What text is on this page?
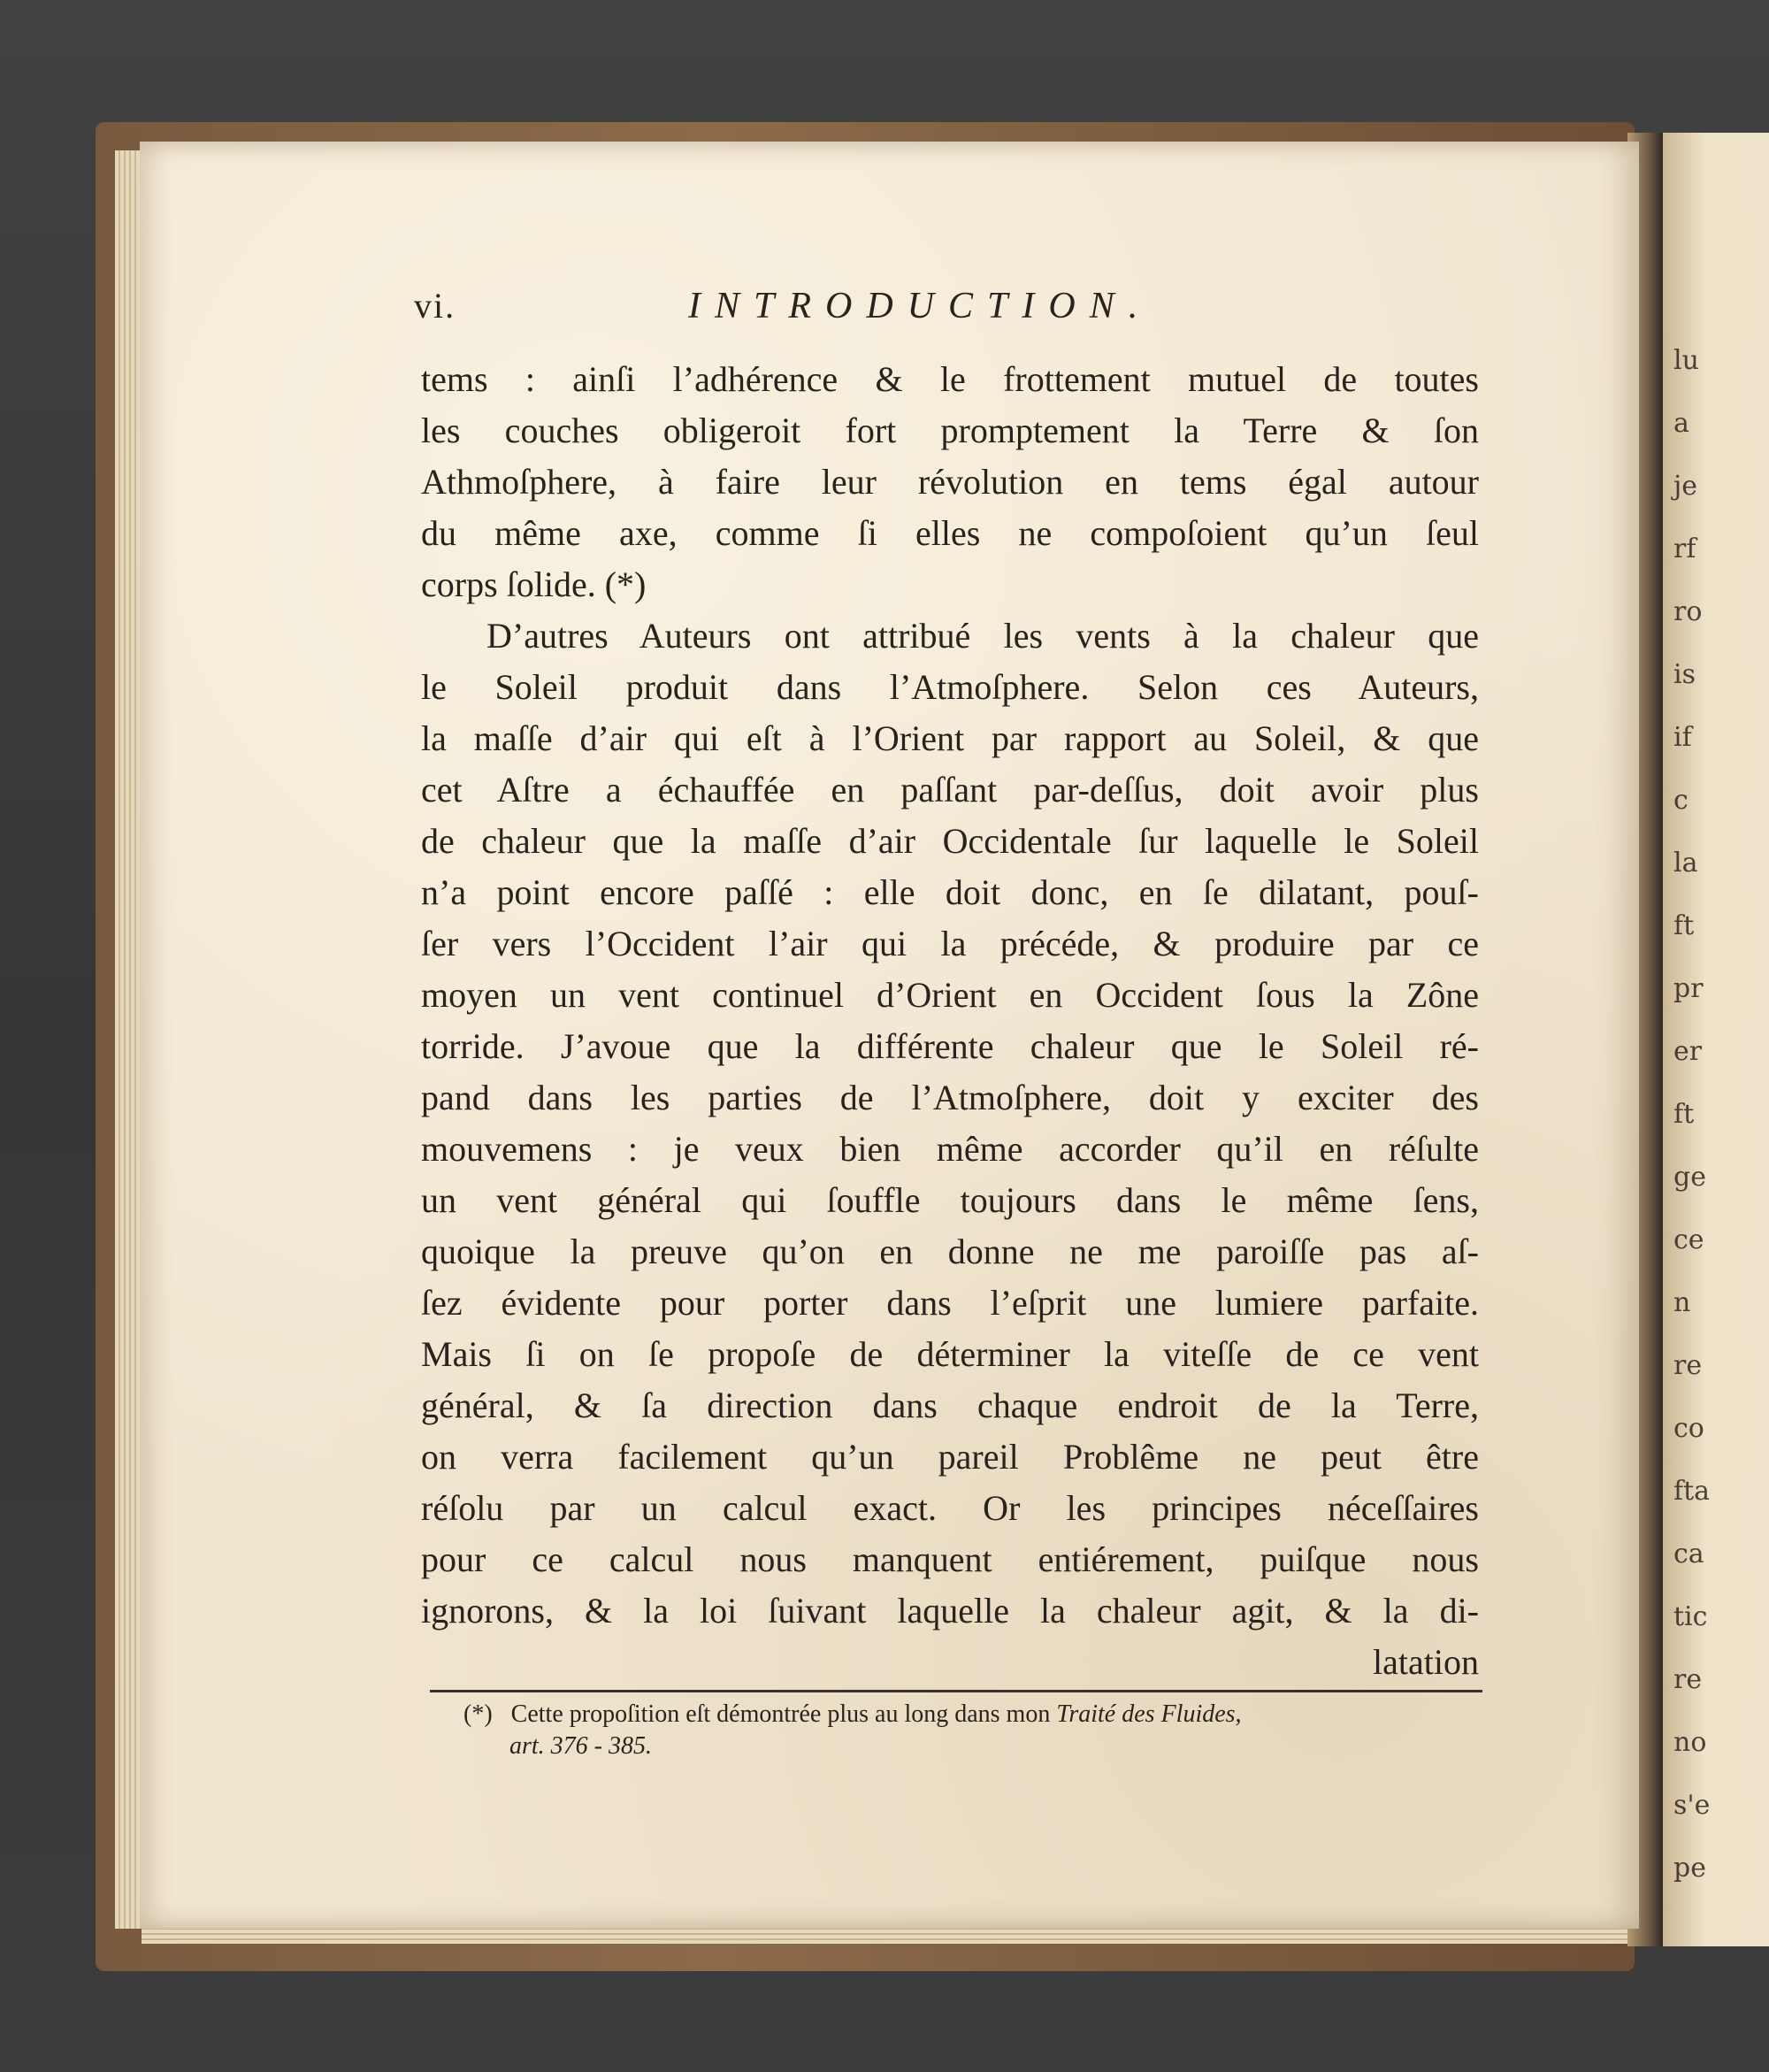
lu
a
je
rf
ro
is
if
c
la
ft
pr
er
ft
ge
ce
n
re
co
fta
ca
tic
re
no
s'e
pe
vi.	INTRODUCTION.
tems : ainſi l’adhérence & le frottement mutuel de toutes
les couches obligeroit fort promptement la Terre & ſon
Athmoſphere, à faire leur révolution en tems égal autour
du même axe, comme ſi elles ne compoſoient qu’un ſeul
corps ſolide. (*)
D’autres Auteurs ont attribué les vents à la chaleur que
le Soleil produit dans l’Atmoſphere. Selon ces Auteurs,
la maſſe d’air qui eſt à l’Orient par rapport au Soleil, & que
cet Aſtre a échauffée en paſſant par-deſſus, doit avoir plus
de chaleur que la maſſe d’air Occidentale ſur laquelle le Soleil
n’a point encore paſſé : elle doit donc, en ſe dilatant, pouſ-
ſer vers l’Occident l’air qui la précéde, & produire par ce
moyen un vent continuel d’Orient en Occident ſous la Zône
torride. J’avoue que la différente chaleur que le Soleil ré-
pand dans les parties de l’Atmoſphere, doit y exciter des
mouvemens : je veux bien même accorder qu’il en réſulte
un vent général qui ſouffle toujours dans le même ſens,
quoique la preuve qu’on en donne ne me paroiſſe pas aſ-
ſez évidente pour porter dans l’eſprit une lumiere parfaite.
Mais ſi on ſe propoſe de déterminer la viteſſe de ce vent
général, & ſa direction dans chaque endroit de la Terre,
on verra facilement qu’un pareil Problême ne peut être
réſolu par un calcul exact. Or les principes néceſſaires
pour ce calcul nous manquent entiérement, puiſque nous
ignorons, & la loi ſuivant laquelle la chaleur agit, & la di-
latation
(*) Cette propoſition eſt démontrée plus au long dans mon Traité des Fluides,
art. 376 - 385.
